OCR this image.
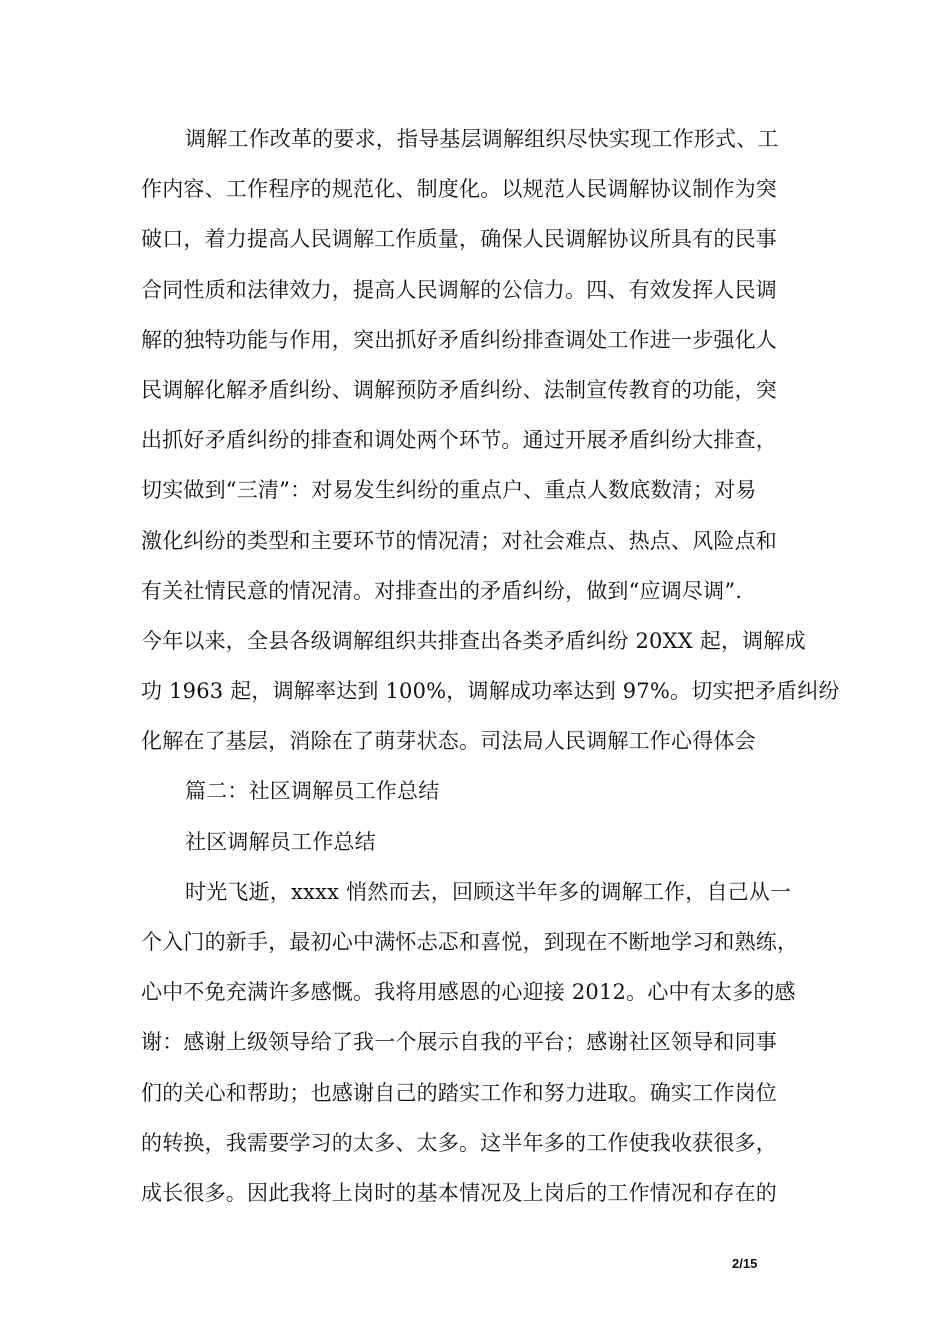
调解工作改革的要求，指导基层调解组织尽快实现工作形式、工
作内容、工作程序的规范化、制度化。以规范人民调解协议制作为突
破口，着力提高人民调解工作质量，确保人民调解协议所具有的民事
合同性质和法律效力，提高人民调解的公信力。四、有效发挥人民调
解的独特功能与作用，突出抓好矛盾纠纷排查调处工作进一步强化人
民调解化解矛盾纠纷、调解预防矛盾纠纷、法制宣传教育的功能，突
出抓好矛盾纠纷的排查和调处两个环节。通过开展矛盾纠纷大排查，
切实做到“三清”：对易发生纠纷的重点户、重点人数底数清；对易
激化纠纷的类型和主要环节的情况清；对社会难点、热点、风险点和
有关社情民意的情况清。对排查出的矛盾纠纷，做到“应调尽调”.
今年以来，全县各级调解组织共排查出各类矛盾纠纷 20XX 起，调解成
功 1963 起，调解率达到 100%，调解成功率达到 97%。切实把矛盾纠纷
化解在了基层，消除在了萌芽状态。司法局人民调解工作心得体会
篇二：社区调解员工作总结
社区调解员工作总结
时光飞逝，xxxx 悄然而去，回顾这半年多的调解工作，自己从一
个入门的新手，最初心中满怀忐忑和喜悦，到现在不断地学习和熟练，
心中不免充满许多感慨。我将用感恩的心迎接 2012。心中有太多的感
谢：感谢上级领导给了我一个展示自我的平台；感谢社区领导和同事
们的关心和帮助；也感谢自己的踏实工作和努力进取。确实工作岗位
的转换，我需要学习的太多、太多。这半年多的工作使我收获很多，
成长很多。因此我将上岗时的基本情况及上岗后的工作情况和存在的
2/15
